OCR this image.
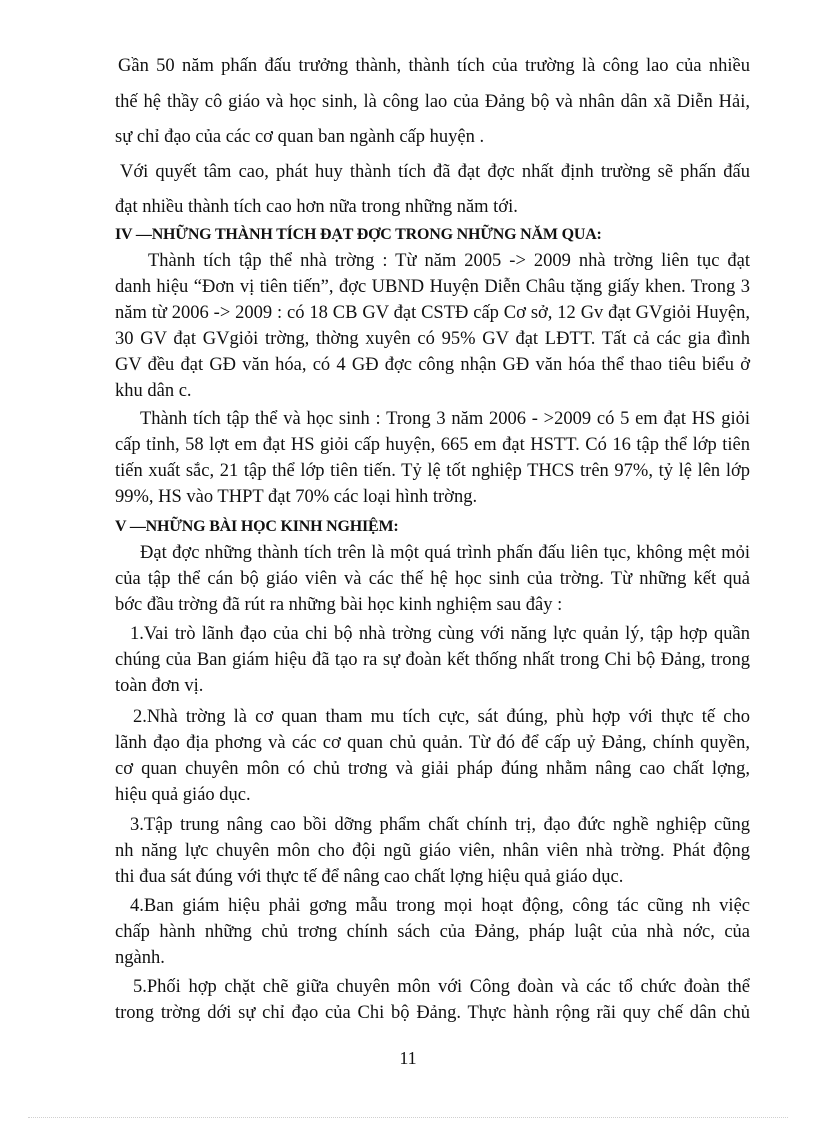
Gần 50 năm phấn đấu trưởng thành, thành tích của trường là công lao của nhiều
thế hệ thầy cô giáo và học sinh, là công lao của Đảng bộ và nhân dân xã Diễn Hải,
sự chỉ đạo của các cơ quan ban ngành cấp huyện .
Với quyết tâm cao, phát huy thành tích đã đạt đợc nhất định trường sẽ phấn đấu
đạt nhiều thành tích cao hơn nữa trong những năm tới.
IV —NHỮNG THÀNH TÍCH ĐẠT ĐỢC TRONG NHỮNG NĂM QUA:
Thành tích tập thể nhà trờng : Từ năm 2005 -> 2009 nhà trờng liên tục đạt
danh hiệu “Đơn vị tiên tiến”, đợc UBND Huyện Diễn Châu tặng giấy khen. Trong 3
năm từ 2006 -> 2009 : có 18 CB GV đạt CSTĐ cấp Cơ sở, 12 Gv đạt GVgiỏi Huyện,
30 GV đạt GVgiỏi trờng, thờng xuyên có 95% GV đạt LĐTT. Tất cả các gia đình
GV đều đạt GĐ văn hóa, có 4 GĐ đợc công nhận GĐ văn hóa thể thao tiêu biểu ở
khu dân c.
Thành tích tập thể và học sinh : Trong 3 năm 2006 - >2009 có 5 em đạt HS giỏi
cấp tỉnh, 58 lợt em đạt HS giỏi cấp huyện, 665 em đạt HSTT. Có 16 tập thể lớp tiên
tiến xuất sắc, 21 tập thể lớp tiên tiến. Tỷ lệ tốt nghiệp THCS trên 97%, tỷ lệ lên lớp
99%, HS vào THPT đạt 70% các loại hình trờng.
V —NHỮNG BÀI HỌC KINH NGHIỆM:
Đạt đợc những thành tích trên là một quá trình phấn đấu liên tục, không mệt mỏi
của tập thể cán bộ giáo viên và các thế hệ học sinh của trờng. Từ những kết quả
bớc đầu trờng đã rút ra những bài học kinh nghiệm sau đây :
1.Vai trò lãnh đạo của chi bộ nhà trờng cùng với năng lực quản lý, tập hợp quần
chúng của Ban giám hiệu đã tạo ra sự đoàn kết thống nhất trong Chi bộ Đảng, trong
toàn đơn vị.
2.Nhà trờng là cơ quan tham mu tích cực, sát đúng, phù hợp với thực tế cho
lãnh đạo địa phơng và các cơ quan chủ quản. Từ đó để cấp uỷ Đảng, chính quyền,
cơ quan chuyên môn có chủ trơng và giải pháp đúng nhằm nâng cao chất lợng,
hiệu quả giáo dục.
3.Tập trung nâng cao bồi dỡng phẩm chất chính trị, đạo đức nghề nghiệp cũng
nh năng lực chuyên môn cho đội ngũ giáo viên, nhân viên nhà trờng. Phát động
thi đua sát đúng với thực tế để nâng cao chất lợng hiệu quả giáo dục.
4.Ban giám hiệu phải gơng mẫu trong mọi hoạt động, công tác cũng nh việc
chấp hành những chủ trơng chính sách của Đảng, pháp luật của nhà nớc, của
ngành.
5.Phối hợp chặt chẽ giữa chuyên môn với Công đoàn và các tổ chức đoàn thể
trong trờng dới sự chỉ đạo của Chi bộ Đảng. Thực hành rộng rãi quy chế dân chủ
11
